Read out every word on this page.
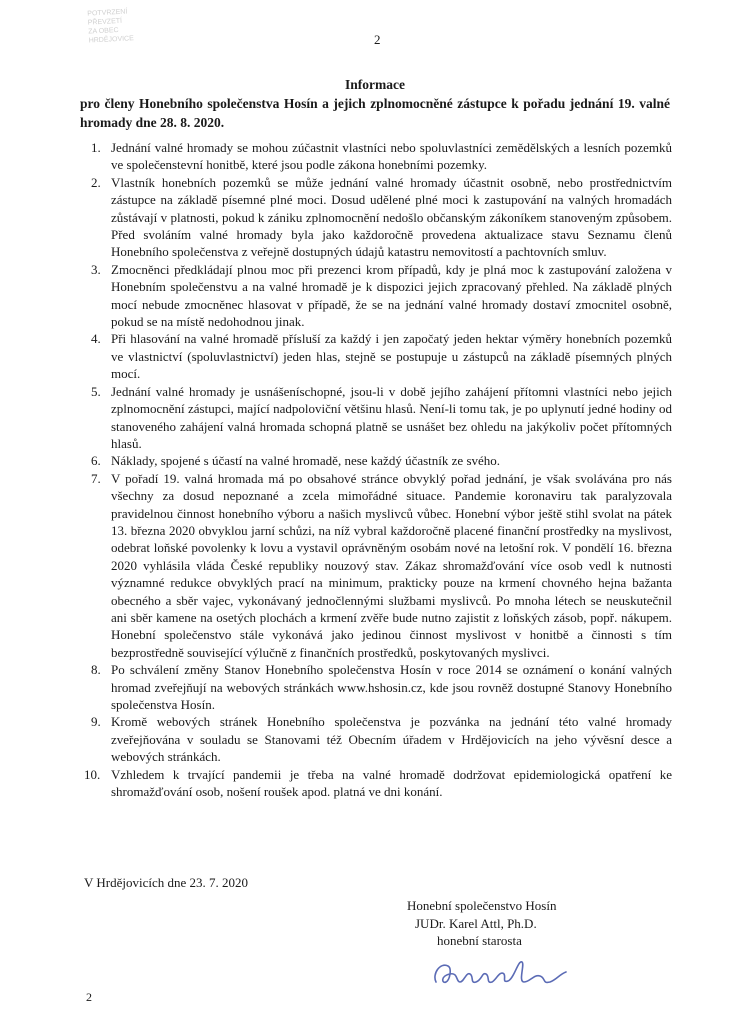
POTVRZENÍ
PŘEVZETÍ
ZA OBEC
HRDĚJOVICE	2
Informace
pro členy Honebního společenstva Hosín a jejich zplnomocněné zástupce k pořadu jednání 19. valné hromady dne 28. 8. 2020.
1. Jednání valné hromady se mohou zúčastnit vlastníci nebo spoluvlastníci zemědělských a lesních pozemků ve společenstevní honitbě, které jsou podle zákona honebními pozemky.
2. Vlastník honebních pozemků se může jednání valné hromady účastnit osobně, nebo prostřednictvím zástupce na základě písemné plné moci. Dosud udělené plné moci k zastupování na valných hromadách zůstávají v platnosti, pokud k zániku zplnomocnění nedošlo občanským zákoníkem stanoveným způsobem. Před svoláním valné hromady byla jako každoročně provedena aktualizace stavu Seznamu členů Honebního společenstva z veřejně dostupných údajů katastru nemovitostí a pachtovních smluv.
3. Zmocněnci předkládají plnou moc při prezenci krom případů, kdy je plná moc k zastupování založena v Honebním společenstvu a na valné hromadě je k dispozici jejich zpracovaný přehled. Na základě plných mocí nebude zmocněnec hlasovat v případě, že se na jednání valné hromady dostaví zmocnitel osobně, pokud se na místě nedohodnou jinak.
4. Při hlasování na valné hromadě přísluší za každý i jen započatý jeden hektar výměry honebních pozemků ve vlastnictví (spoluvlastnictví) jeden hlas, stejně se postupuje u zástupců na základě písemných plných mocí.
5. Jednání valné hromady je usnášeníschopné, jsou-li v době jejího zahájení přítomni vlastníci nebo jejich zplnomocnění zástupci, mající nadpoloviční většinu hlasů. Není-li tomu tak, je po uplynutí jedné hodiny od stanoveného zahájení valná hromada schopná platně se usnášet bez ohledu na jakýkoliv počet přítomných hlasů.
6. Náklady, spojené s účastí na valné hromadě, nese každý účastník ze svého.
7. V pořadí 19. valná hromada má po obsahové stránce obvyklý pořad jednání, je však svolávána pro nás všechny za dosud nepoznané a zcela mimořádné situace. Pandemie koronaviru tak paralyzovala pravidelnou činnost honebního výboru a našich myslivců vůbec. Honební výbor ještě stihl svolat na pátek 13. března 2020 obvyklou jarní schůzi, na níž vybral každoročně placené finanční prostředky na myslivost, odebrat loňské povolenky k lovu a vystavil oprávněným osobám nové na letošní rok. V pondělí 16. března 2020 vyhlásila vláda České republiky nouzový stav. Zákaz shromažďování více osob vedl k nutnosti významné redukce obvyklých prací na minimum, prakticky pouze na krmení chovného hejna bažanta obecného a sběr vajec, vykonávaný jednočlennými službami myslivců. Po mnoha létech se neuskutečnil ani sběr kamene na osetých plochách a krmení zvěře bude nutno zajistit z loňských zásob, popř. nákupem. Honební společenstvo stále vykonává jako jedinou činnost myslivost v honitbě a činnosti s tím bezprostředně související výlučně z finančních prostředků, poskytovaných myslivci.
8. Po schválení změny Stanov Honebního společenstva Hosín v roce 2014 se oznámení o konání valných hromad zveřejňují na webových stránkách www.hshosin.cz, kde jsou rovněž dostupné Stanovy Honebního společenstva Hosín.
9. Kromě webových stránek Honebního společenstva je pozvánka na jednání této valné hromady zveřejňována v souladu se Stanovami též Obecním úřadem v Hrdějovicích na jeho vývěsní desce a webových stránkách.
10. Vzhledem k trvající pandemii je třeba na valné hromadě dodržovat epidemiologická opatření ke shromažďování osob, nošení roušek apod. platná ve dni konání.
V Hrdějovicích dne 23. 7. 2020
Honební společenstvo Hosín
JUDr. Karel Attl, Ph.D.
honební starosta
2
